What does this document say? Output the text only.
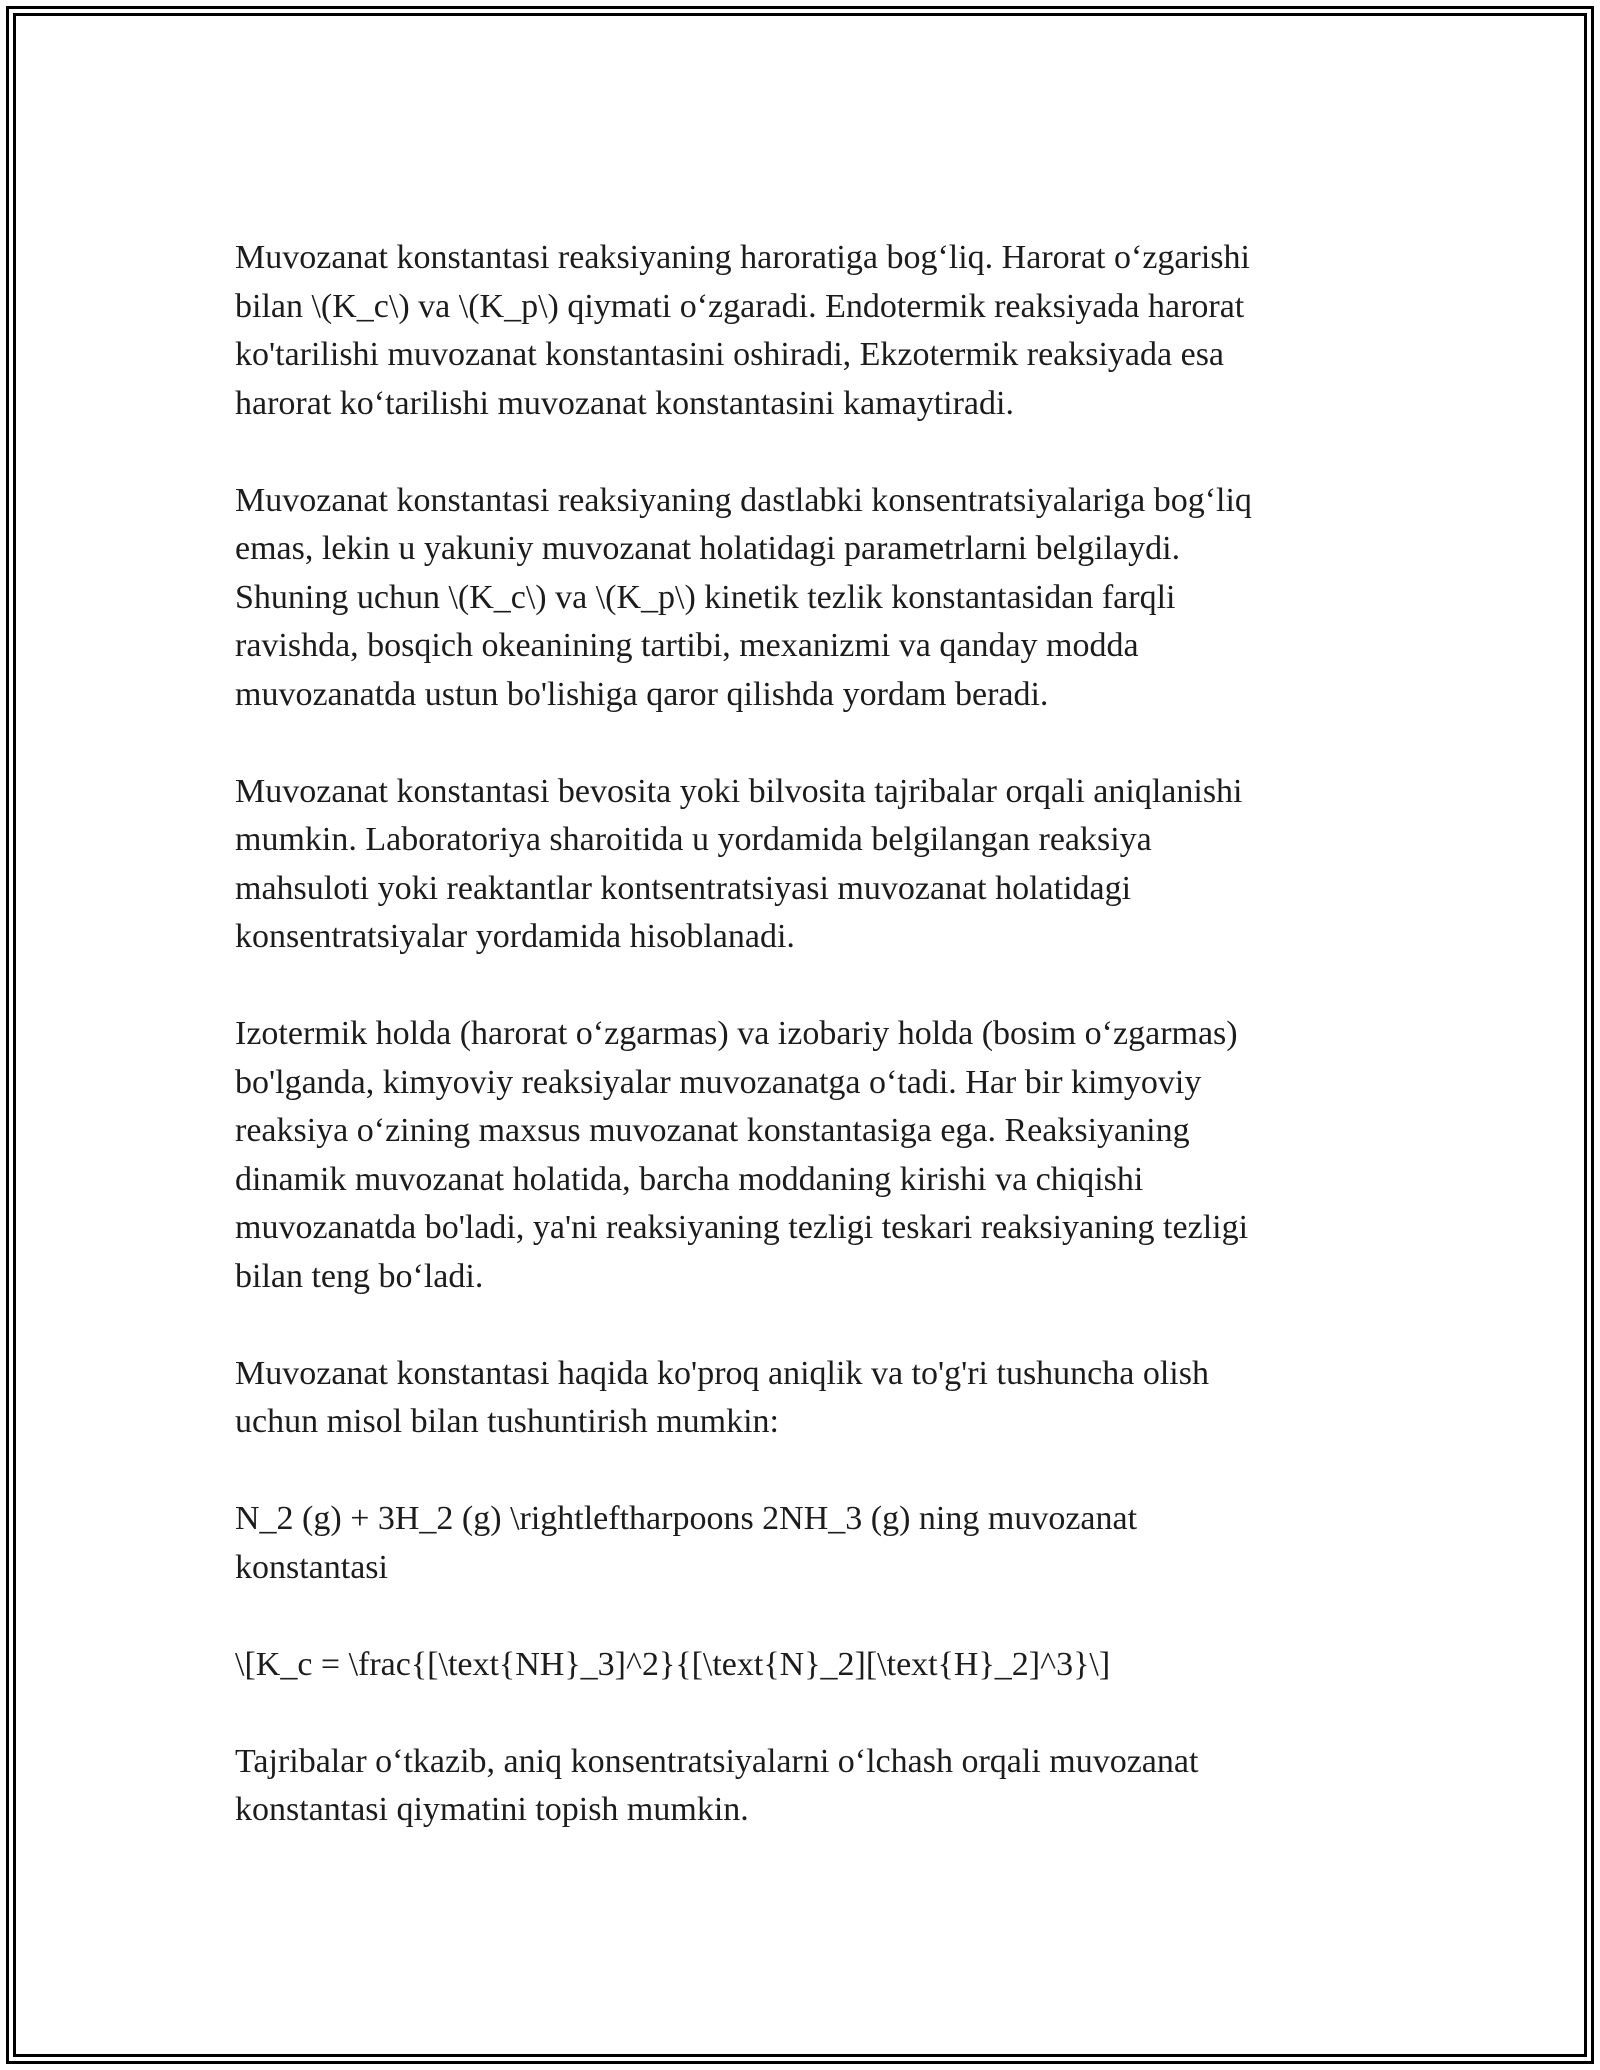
Muvozanat konstantasi reaksiyaning haroratiga bog‘liq. Harorat o‘zgarishi
bilan \(K_c\) va \(K_p\) qiymati o‘zgaradi. Endotermik reaksiyada harorat
ko'tarilishi muvozanat konstantasini oshiradi, Ekzotermik reaksiyada esa
harorat ko‘tarilishi muvozanat konstantasini kamaytiradi.

Muvozanat konstantasi reaksiyaning dastlabki konsentratsiyalariga bog‘liq
emas, lekin u yakuniy muvozanat holatidagi parametrlarni belgilaydi.
Shuning uchun \(K_c\) va \(K_p\) kinetik tezlik konstantasidan farqli
ravishda, bosqich okeanining tartibi, mexanizmi va qanday modda
muvozanatda ustun bo'lishiga qaror qilishda yordam beradi.

Muvozanat konstantasi bevosita yoki bilvosita tajribalar orqali aniqlanishi
mumkin. Laboratoriya sharoitida u yordamida belgilangan reaksiya
mahsuloti yoki reaktantlar kontsentratsiyasi muvozanat holatidagi
konsentratsiyalar yordamida hisoblanadi.

Izotermik holda (harorat o‘zgarmas) va izobariy holda (bosim o‘zgarmas)
bo'lganda, kimyoviy reaksiyalar muvozanatga o‘tadi. Har bir kimyoviy
reaksiya o‘zining maxsus muvozanat konstantasiga ega. Reaksiyaning
dinamik muvozanat holatida, barcha moddaning kirishi va chiqishi
muvozanatda bo'ladi, ya'ni reaksiyaning tezligi teskari reaksiyaning tezligi
bilan teng bo‘ladi.

Muvozanat konstantasi haqida ko'proq aniqlik va to'g'ri tushuncha olish
uchun misol bilan tushuntirish mumkin:

N_2 (g) + 3H_2 (g) \rightleftharpoons 2NH_3 (g) ning muvozanat
konstantasi

\[K_c = \frac{[\text{NH}_3]^2}{[\text{N}_2][\text{H}_2]^3}\]

Tajribalar o‘tkazib, aniq konsentratsiyalarni o‘lchash orqali muvozanat
konstantasi qiymatini topish mumkin.
